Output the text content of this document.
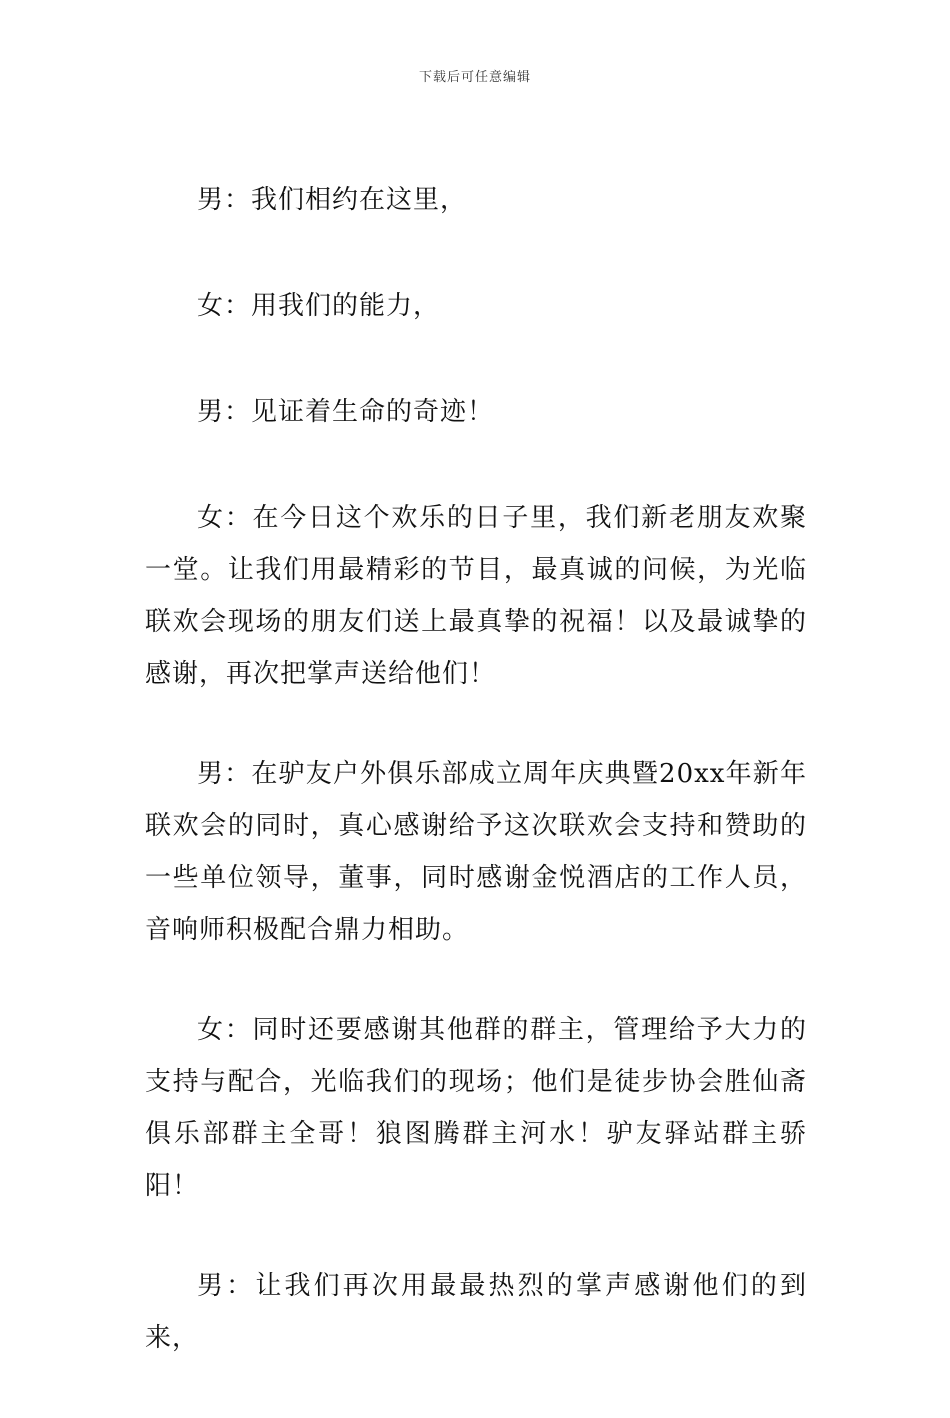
下载后可任意编辑

男：我们相约在这里，

女：用我们的能力，

男：见证着生命的奇迹！

女：在今日这个欢乐的日子里，我们新老朋友欢聚一堂。让我们用最精彩的节目，最真诚的问候，为光临联欢会现场的朋友们送上最真挚的祝福！以及最诚挚的感谢，再次把掌声送给他们！

男：在驴友户外俱乐部成立周年庆典暨20xx年新年联欢会的同时，真心感谢给予这次联欢会支持和赞助的一些单位领导，董事，同时感谢金悦酒店的工作人员，音响师积极配合鼎力相助。

女：同时还要感谢其他群的群主，管理给予大力的支持与配合，光临我们的现场；他们是徒步协会胜仙斋俱乐部群主全哥！狼图腾群主河水！驴友驿站群主骄阳！

男：让我们再次用最最热烈的掌声感谢他们的到来，
